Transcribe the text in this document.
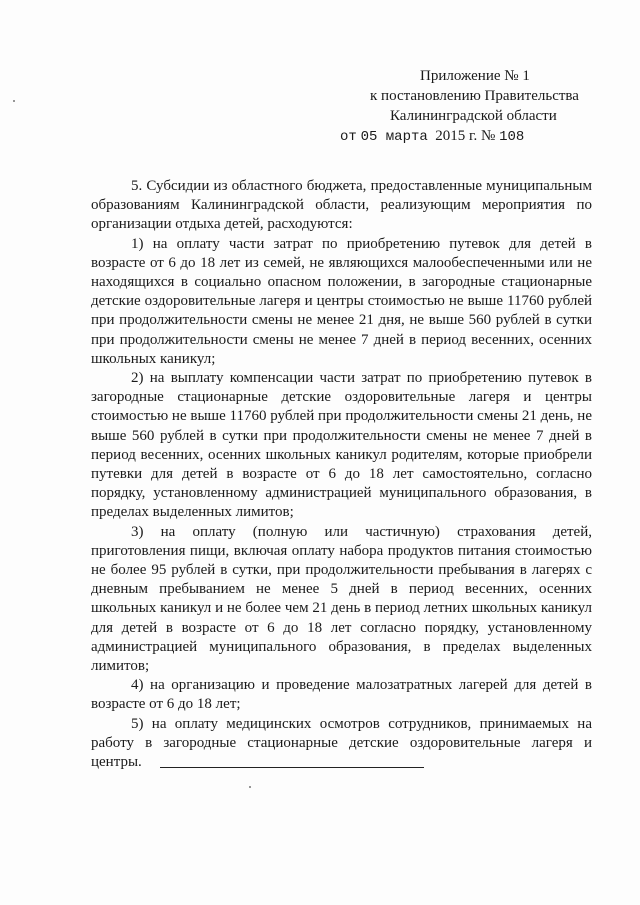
Приложение № 1
к постановлению Правительства
Калининградской области
от 05 марта 2015 г. № 108

5. Субсидии из областного бюджета, предоставленные муниципальным образованиям Калининградской области, реализующим мероприятия по организации отдыха детей, расходуются:

1) на оплату части затрат по приобретению путевок для детей в возрасте от 6 до 18 лет из семей, не являющихся малообеспеченными или не находящихся в социально опасном положении, в загородные стационарные детские оздоровительные лагеря и центры стоимостью не выше 11760 рублей при продолжительности смены не менее 21 дня, не выше 560 рублей в сутки при продолжительности смены не менее 7 дней в период весенних, осенних школьных каникул;

2) на выплату компенсации части затрат по приобретению путевок в загородные стационарные детские оздоровительные лагеря и центры стоимостью не выше 11760 рублей при продолжительности смены 21 день, не выше 560 рублей в сутки при продолжительности смены не менее 7 дней в период весенних, осенних школьных каникул родителям, которые приобрели путевки для детей в возрасте от 6 до 18 лет самостоятельно, согласно порядку, установленному администрацией муниципального образования, в пределах выделенных лимитов;

3) на оплату (полную или частичную) страхования детей, приготовления пищи, включая оплату набора продуктов питания стоимостью не более 95 рублей в сутки, при продолжительности пребывания в лагерях с дневным пребыванием не менее 5 дней в период весенних, осенних школьных каникул и не более чем 21 день в период летних школьных каникул для детей в возрасте от 6 до 18 лет согласно порядку, установленному администрацией муниципального образования, в пределах выделенных лимитов;

4) на организацию и проведение малозатратных лагерей для детей в возрасте от 6 до 18 лет;

5) на оплату медицинских осмотров сотрудников, принимаемых на работу в загородные стационарные детские оздоровительные лагеря и центры.
